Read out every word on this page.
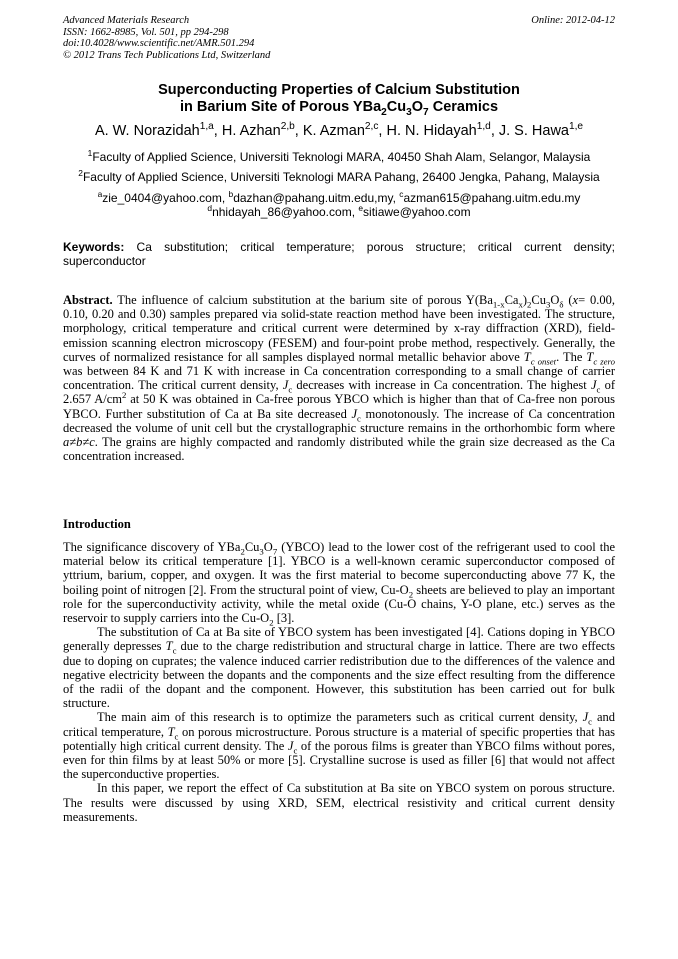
Advanced Materials Research
ISSN: 1662-8985, Vol. 501, pp 294-298
doi:10.4028/www.scientific.net/AMR.501.294
© 2012 Trans Tech Publications Ltd, Switzerland
Online: 2012-04-12
Superconducting Properties of Calcium Substitution
in Barium Site of Porous $YBa_2Cu_3O_7$ Ceramics
A. W. Norazidah$^{1,a}$, H. Azhan$^{2,b}$, K. Azman$^{2,c}$, H. N. Hidayah$^{1,d}$, J. S. Hawa$^{1,e}$
$^1$Faculty of Applied Science, Universiti Teknologi MARA, 40450 Shah Alam, Selangor, Malaysia
$^2$Faculty of Applied Science, Universiti Teknologi MARA Pahang, 26400 Jengka, Pahang, Malaysia
$^a$zie_0404@yahoo.com, $^b$dazhan@pahang.uitm.edu,my, $^c$azman615@pahang.uitm.edu.my
$^d$nhidayah_86@yahoo.com, $^e$sitiawe@yahoo.com
Keywords: Ca substitution; critical temperature; porous structure; critical current density; superconductor
Abstract. The influence of calcium substitution at the barium site of porous $Y(Ba_{1-x}Ca_x)_2Cu_3O_\delta$ (x= 0.00, 0.10, 0.20 and 0.30) samples prepared via solid-state reaction method have been investigated. The structure, morphology, critical temperature and critical current were determined by x-ray diffraction (XRD), field-emission scanning electron microscopy (FESEM) and four-point probe method, respectively. Generally, the curves of normalized resistance for all samples displayed normal metallic behavior above $T_{c onset}$. The $T_{c zero}$ was between 84 K and 71 K with increase in Ca concentration corresponding to a small change of carrier concentration. The critical current density, $J_c$ decreases with increase in Ca concentration. The highest $J_c$ of 2.657 $A/cm^2$ at 50 K was obtained in Ca-free porous YBCO which is higher than that of Ca-free non porous YBCO. Further substitution of Ca at Ba site decreased $J_c$ monotonously. The increase of Ca concentration decreased the volume of unit cell but the crystallographic structure remains in the orthorhombic form where a≠b≠c. The grains are highly compacted and randomly distributed while the grain size decreased as the Ca concentration increased.
Introduction

The significance discovery of $YBa_2Cu_3O_7$ (YBCO) lead to the lower cost of the refrigerant used to cool the material below its critical temperature [1]. YBCO is a well-known ceramic superconductor composed of yttrium, barium, copper, and oxygen. It was the first material to become superconducting above 77 K, the boiling point of nitrogen [2]. From the structural point of view, $Cu-O_2$ sheets are believed to play an important role for the superconductivity activity, while the metal oxide (Cu-O chains, Y-O plane, etc.) serves as the reservoir to supply carriers into the $Cu-O_2$ [3].

The substitution of Ca at Ba site of YBCO system has been investigated [4]. Cations doping in YBCO generally depresses $T_c$ due to the charge redistribution and structural charge in lattice. There are two effects due to doping on cuprates; the valence induced carrier redistribution due to the differences of the valence and negative electricity between the dopants and the components and the size effect resulting from the difference of the radii of the dopant and the component. However, this substitution has been carried out for bulk structure.

The main aim of this research is to optimize the parameters such as critical current density, $J_c$ and critical temperature, $T_c$ on porous microstructure. Porous structure is a material of specific properties that has potentially high critical current density. The $J_c$ of the porous films is greater than YBCO films without pores, even for thin films by at least 50% or more [5]. Crystalline sucrose is used as filler [6] that would not affect the superconductive properties.

In this paper, we report the effect of Ca substitution at Ba site on YBCO system on porous structure. The results were discussed by using XRD, SEM, electrical resistivity and critical current density measurements.
